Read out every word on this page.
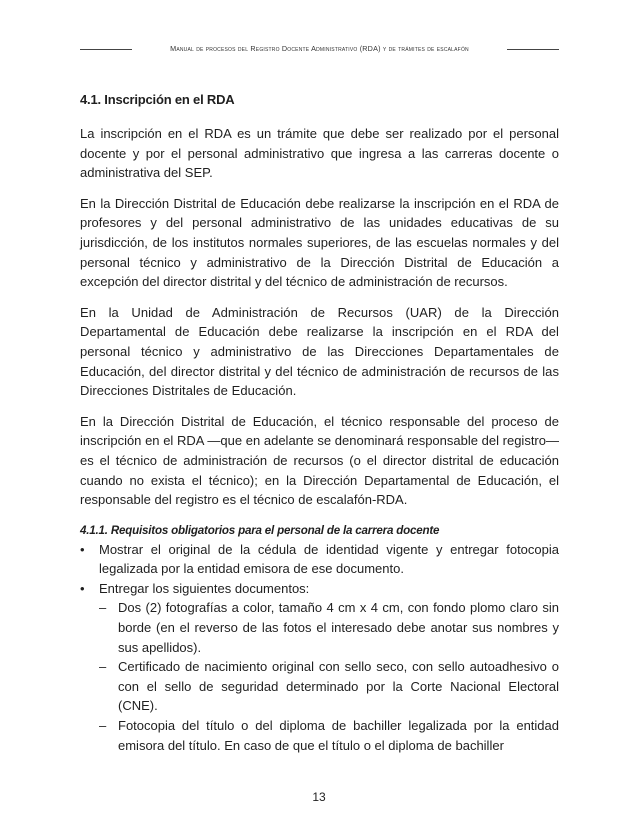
Manual de procesos del Registro Docente Administrativo (RDA) y de trámites de escalafón
4.1. Inscripción en el RDA

La inscripción en el RDA es un trámite que debe ser realizado por el personal docente y por el personal administrativo que ingresa a las carreras docente o administrativa del SEP.

En la Dirección Distrital de Educación debe realizarse la inscripción en el RDA de profesores y del personal administrativo de las unidades educativas de su jurisdicción, de los institutos normales superiores, de las escuelas normales y del personal técnico y administrativo de la Dirección Distrital de Educación a excepción del director distrital y del técnico de administración de recursos.

En la Unidad de Administración de Recursos (UAR) de la Dirección Departamental de Educación debe realizarse la inscripción en el RDA del personal técnico y administrativo de las Direcciones Departamentales de Educación, del director distrital y del técnico de administración de recursos de las Direcciones Distritales de Educación.

En la Dirección Distrital de Educación, el técnico responsable del proceso de inscripción en el RDA —que en adelante se denominará responsable del registro— es el técnico de administración de recursos (o el director distrital de educación cuando no exista el técnico); en la Dirección Departamental de Educación, el responsable del registro es el técnico de escalafón-RDA.

4.1.1. Requisitos obligatorios para el personal de la carrera docente
• Mostrar el original de la cédula de identidad vigente y entregar fotocopia legalizada por la entidad emisora de ese documento.
• Entregar los siguientes documentos:
– Dos (2) fotografías a color, tamaño 4 cm x 4 cm, con fondo plomo claro sin borde (en el reverso de las fotos el interesado debe anotar sus nombres y sus apellidos).
– Certificado de nacimiento original con sello seco, con sello autoadhesivo o con el sello de seguridad determinado por la Corte Nacional Electoral (CNE).
– Fotocopia del título o del diploma de bachiller legalizada por la entidad emisora del título. En caso de que el título o el diploma de bachiller
13
